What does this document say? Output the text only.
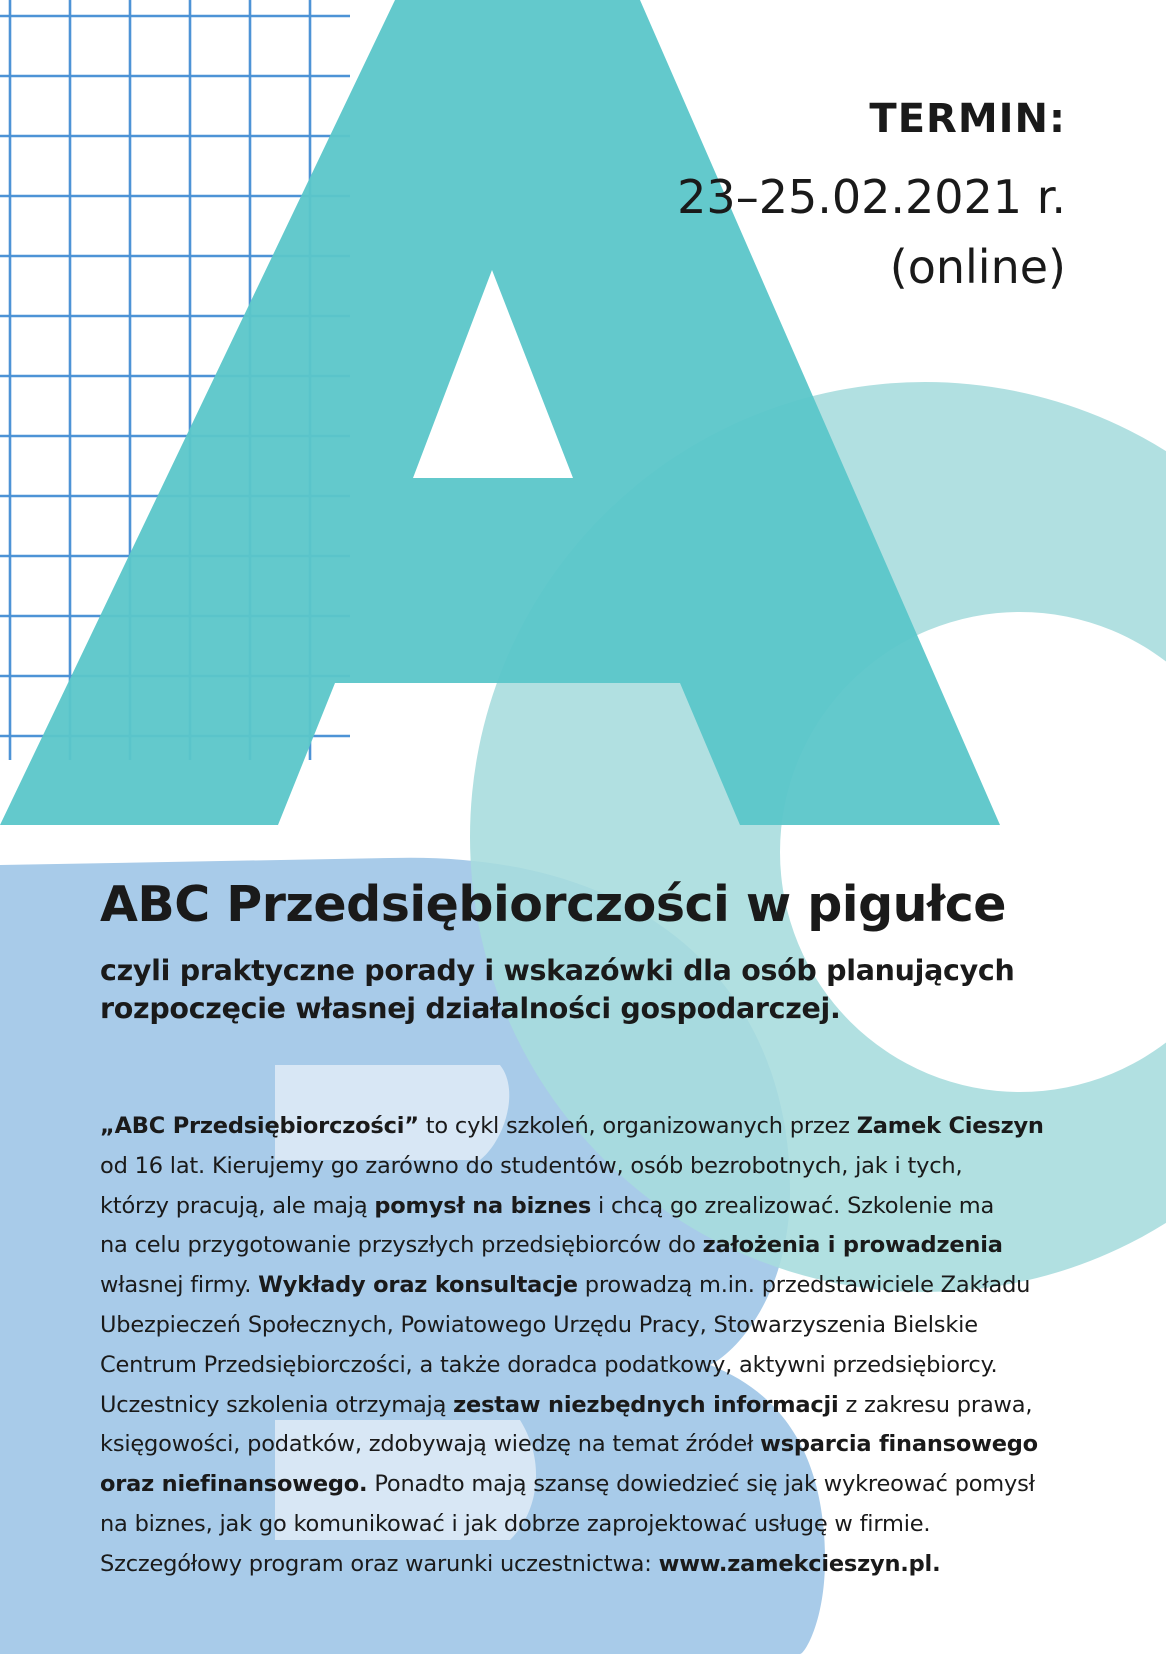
TERMIN:
23–25.02.2021 r.
(online)
ABC Przedsiębiorczości w pigułce
czyli praktyczne porady i wskazówki dla osób planujących
rozpoczęcie własnej działalności gospodarczej.
„ABC Przedsiębiorczości” to cykl szkoleń, organizowanych przez Zamek Cieszyn
od 16 lat. Kierujemy go zarówno do studentów, osób bezrobotnych, jak i tych,
którzy pracują, ale mają pomysł na biznes i chcą go zrealizować. Szkolenie ma
na celu przygotowanie przyszłych przedsiębiorców do założenia i prowadzenia
własnej firmy. Wykłady oraz konsultacje prowadzą m.in. przedstawiciele Zakładu
Ubezpieczeń Społecznych, Powiatowego Urzędu Pracy, Stowarzyszenia Bielskie
Centrum Przedsiębiorczości, a także doradca podatkowy, aktywni przedsiębiorcy.
Uczestnicy szkolenia otrzymają zestaw niezbędnych informacji z zakresu prawa,
księgowości, podatków, zdobywają wiedzę na temat źródeł wsparcia finansowego
oraz niefinansowego. Ponadto mają szansę dowiedzieć się jak wykreować pomysł
na biznes, jak go komunikować i jak dobrze zaprojektować usługę w firmie.
Szczegółowy program oraz warunki uczestnictwa: www.zamekcieszyn.pl.
